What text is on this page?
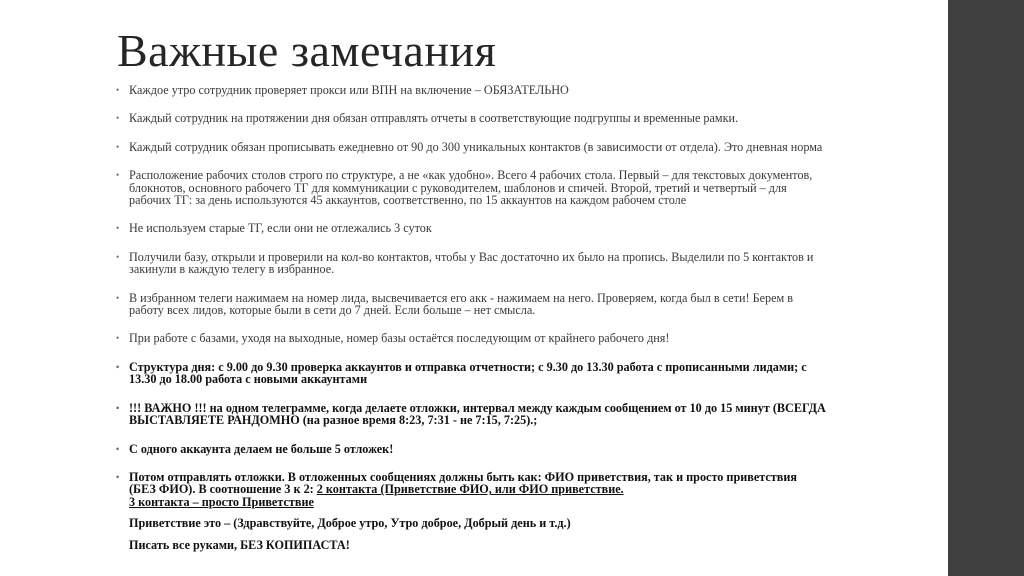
Важные замечания
• Каждое утро сотрудник проверяет прокси или ВПН на включение – ОБЯЗАТЕЛЬНО
• Каждый сотрудник на протяжении дня обязан отправлять отчеты в соответствующие подгруппы и временные рамки.
• Каждый сотрудник обязан прописывать ежедневно от 90 до 300 уникальных контактов (в зависимости от отдела). Это дневная норма
• Расположение рабочих столов строго по структуре, а не «как удобно». Всего 4 рабочих стола. Первый – для текстовых документов, блокнотов, основного рабочего ТГ для коммуникации с руководителем, шаблонов и спичей. Второй, третий и четвертый – для рабочих ТГ: за день используются 45 аккаунтов, соответственно, по 15 аккаунтов на каждом рабочем столе
• Не используем старые ТГ, если они не отлежались 3 суток
• Получили базу, открыли и проверили на кол-во контактов, чтобы у Вас достаточно их было на пропись. Выделили по 5 контактов и закинули в каждую телегу в избранное.
• В избранном телеги нажимаем на номер лида, высвечивается его акк - нажимаем на него. Проверяем, когда был в сети! Берем в работу всех лидов, которые были в сети до 7 дней. Если больше – нет смысла.
• При работе с базами, уходя на выходные, номер базы остаётся последующим от крайнего рабочего дня!
• Структура дня: с 9.00 до 9.30 проверка аккаунтов и отправка отчетности; с 9.30 до 13.30 работа с прописанными лидами; с 13.30 до 18.00 работа с новыми аккаунтами
• !!! ВАЖНО !!! на одном телеграмме, когда делаете отложки, интервал между каждым сообщением от 10 до 15 минут (ВСЕГДА ВЫСТАВЛЯЕТЕ РАНДОМНО (на разное время 8:23, 7:31 - не 7:15, 7:25).;
• С одного аккаунта делаем не больше 5 отложек!
• Потом отправлять отложки. В отложенных сообщениях должны быть как: ФИО приветствия, так и просто приветствия (БЕЗ ФИО). В соотношение 3 к 2: 2 контакта (Приветствие ФИО, или ФИО приветствие.
3 контакта – просто Приветствие
Приветствие это – (Здравствуйте, Доброе утро, Утро доброе, Добрый день и т.д.)
Писать все руками, БЕЗ КОПИПАСТА!
